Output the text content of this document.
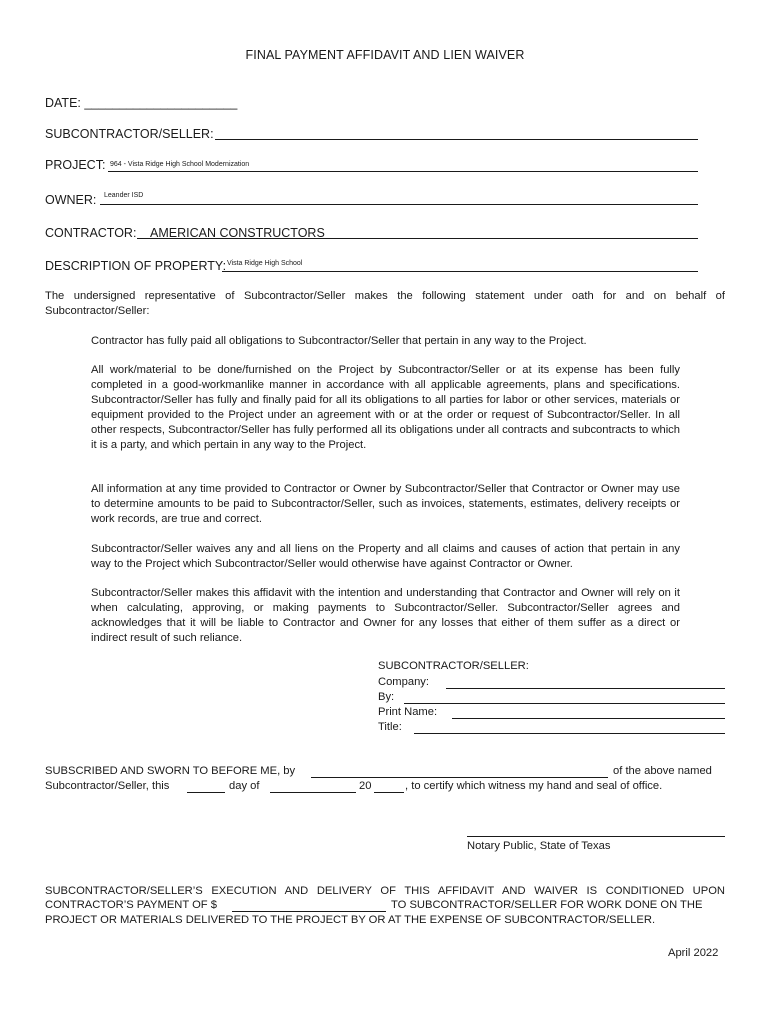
FINAL PAYMENT AFFIDAVIT AND LIEN WAIVER
DATE: ______________________
SUBCONTRACTOR/SELLER:
PROJECT: 964 - Vista Ridge High School Modernization
OWNER: Leander ISD
CONTRACTOR: AMERICAN CONSTRUCTORS
DESCRIPTION OF PROPERTY: Vista Ridge High School
The undersigned representative of Subcontractor/Seller makes the following statement under oath for and on behalf of Subcontractor/Seller:
Contractor has fully paid all obligations to Subcontractor/Seller that pertain in any way to the Project.
All work/material to be done/furnished on the Project by Subcontractor/Seller or at its expense has been fully completed in a good-workmanlike manner in accordance with all applicable agreements, plans and specifications. Subcontractor/Seller has fully and finally paid for all its obligations to all parties for labor or other services, materials or equipment provided to the Project under an agreement with or at the order or request of Subcontractor/Seller. In all other respects, Subcontractor/Seller has fully performed all its obligations under all contracts and subcontracts to which it is a party, and which pertain in any way to the Project.
All information at any time provided to Contractor or Owner by Subcontractor/Seller that Contractor or Owner may use to determine amounts to be paid to Subcontractor/Seller, such as invoices, statements, estimates, delivery receipts or work records, are true and correct.
Subcontractor/Seller waives any and all liens on the Property and all claims and causes of action that pertain in any way to the Project which Subcontractor/Seller would otherwise have against Contractor or Owner.
Subcontractor/Seller makes this affidavit with the intention and understanding that Contractor and Owner will rely on it when calculating, approving, or making payments to Subcontractor/Seller. Subcontractor/Seller agrees and acknowledges that it will be liable to Contractor and Owner for any losses that either of them suffer as a direct or indirect result of such reliance.
SUBCONTRACTOR/SELLER:
Company:
By:
Print Name:
Title:
SUBSCRIBED AND SWORN TO BEFORE ME, by	of the above named
Subcontractor/Seller, this	day of	20	, to certify which witness my hand and seal of office.
Notary Public, State of Texas
SUBCONTRACTOR/SELLER’S EXECUTION AND DELIVERY OF THIS AFFIDAVIT AND WAIVER IS CONDITIONED UPON
CONTRACTOR’S PAYMENT OF $	TO SUBCONTRACTOR/SELLER FOR WORK DONE ON THE
PROJECT OR MATERIALS DELIVERED TO THE PROJECT BY OR AT THE EXPENSE OF SUBCONTRACTOR/SELLER.
April 2022
